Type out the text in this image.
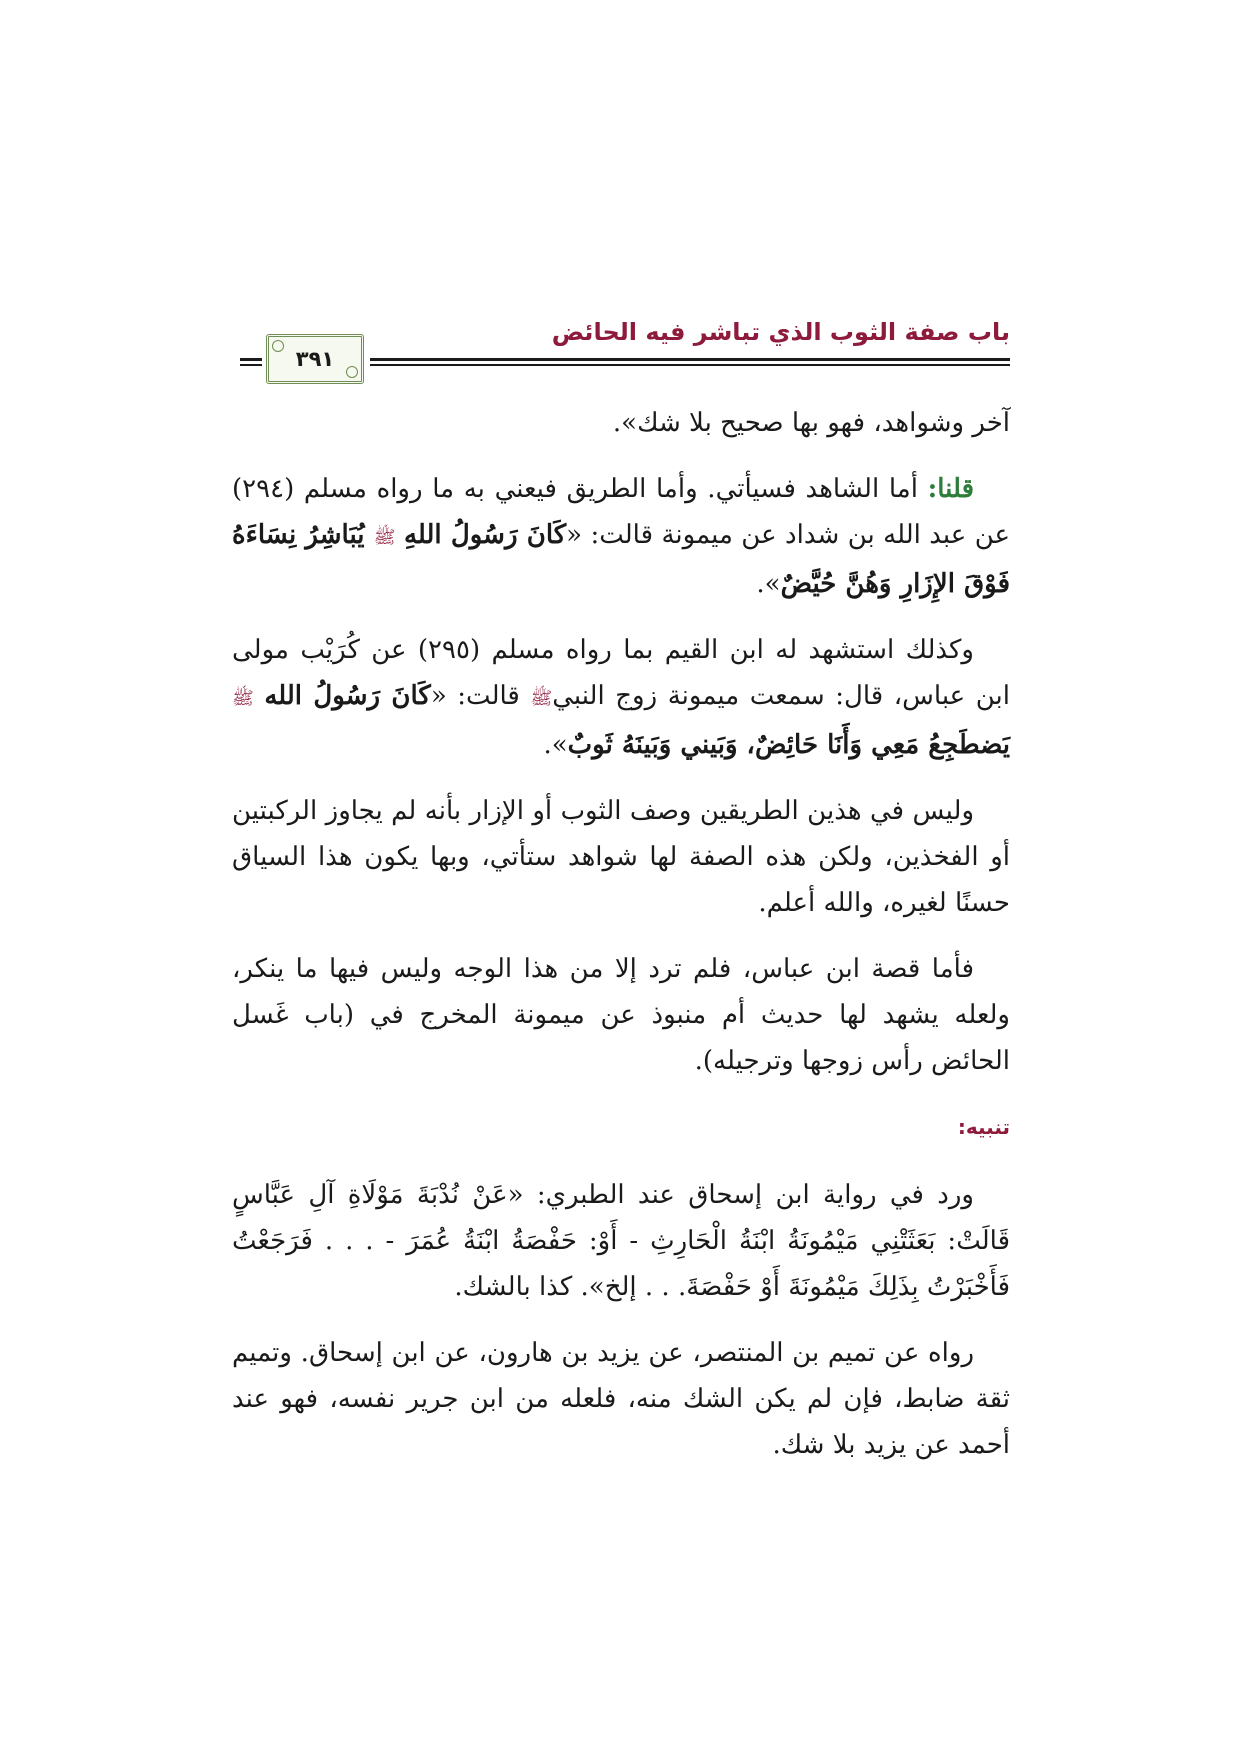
باب صفة الثوب الذي تباشر فيه الحائض
٣٩١

آخر وشواهد، فهو بها صحيح بلا شك».

قلنا: أما الشاهد فسيأتي. وأما الطريق فيعني به ما رواه مسلم (٢٩٤) عن عبد الله بن شداد عن ميمونة قالت: «كَانَ رَسُولُ اللهِ ﷺ يُبَاشِرُ نِسَاءَهُ فَوْقَ الإِزَارِ وَهُنَّ حُيَّضٌ».

وكذلك استشهد له ابن القيم بما رواه مسلم (٢٩٥) عن كُرَيْب مولى ابن عباس، قال: سمعت ميمونة زوج النبيﷺ قالت: «كَانَ رَسُولُ الله ﷺ يَضطَجِعُ مَعِي وَأَنَا حَائِضٌ، وَبَيني وَبَينَهُ ثَوبٌ».

وليس في هذين الطريقين وصف الثوب أو الإزار بأنه لم يجاوز الركبتين أو الفخذين، ولكن هذه الصفة لها شواهد ستأتي، وبها يكون هذا السياق حسنًا لغيره، والله أعلم.

فأما قصة ابن عباس، فلم ترد إلا من هذا الوجه وليس فيها ما ينكر، ولعله يشهد لها حديث أم منبوذ عن ميمونة المخرج في (باب غَسل الحائض رأس زوجها وترجيله).

تنبيه:

ورد في رواية ابن إسحاق عند الطبري: «عَنْ نُدْبَةَ مَوْلَاةِ آلِ عَبَّاسٍ قَالَتْ: بَعَثَتْنِي مَيْمُونَةُ ابْنَةُ الْحَارِثِ - أَوْ: حَفْصَةُ ابْنَةُ عُمَرَ - . . . فَرَجَعْتُ فَأَخْبَرْتُ بِذَلِكَ مَيْمُونَةَ أَوْ حَفْصَةَ. . . إلخ». كذا بالشك.

رواه عن تميم بن المنتصر، عن يزيد بن هارون، عن ابن إسحاق. وتميم ثقة ضابط، فإن لم يكن الشك منه، فلعله من ابن جرير نفسه، فهو عند أحمد عن يزيد بلا شك.
